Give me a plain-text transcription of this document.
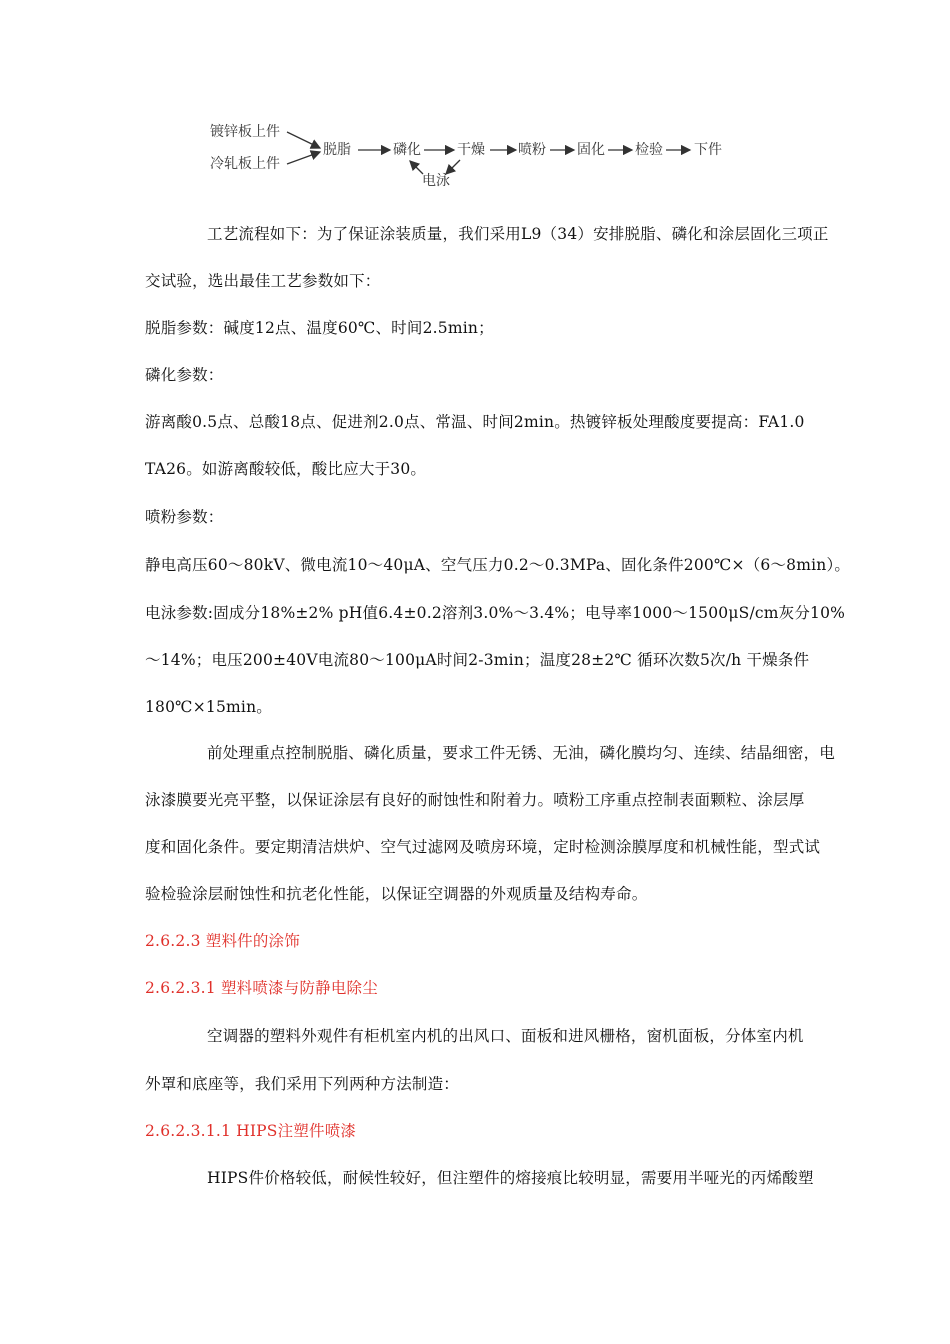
镀锌板上件
冷轧板上件
脱脂	磷化	干燥 喷粉 固化 检验 下件
电泳

工艺流程如下：为了保证涂装质量，我们采用L9（34）安排脱脂、磷化和涂层固化三项正

交试验，选出最佳工艺参数如下：

脱脂参数：碱度12点、温度60℃、时间2.5min；

磷化参数：

游离酸0.5点、总酸18点、促进剂2.0点、常温、时间2min。热镀锌板处理酸度要提高：FA1.0

TA26。如游离酸较低，酸比应大于30。

喷粉参数：

静电高压60～80kV、微电流10～40μA、空气压力0.2～0.3MPa、固化条件200℃×（6～8min）。

电泳参数:固成分18%±2% pH值6.4±0.2溶剂3.0%～3.4%；电导率1000～1500μS/cm灰分10%

～14%；电压200±40V电流80～100μA时间2-3min；温度28±2℃ 循环次数5次/h 干燥条件

180℃×15min。

前处理重点控制脱脂、磷化质量，要求工件无锈、无油，磷化膜均匀、连续、结晶细密，电

泳漆膜要光亮平整，以保证涂层有良好的耐蚀性和附着力。喷粉工序重点控制表面颗粒、涂层厚

度和固化条件。要定期清洁烘炉、空气过滤网及喷房环境，定时检测涂膜厚度和机械性能，型式试

验检验涂层耐蚀性和抗老化性能，以保证空调器的外观质量及结构寿命。

2.6.2.3 塑料件的涂饰

2.6.2.3.1 塑料喷漆与防静电除尘

空调器的塑料外观件有柜机室内机的出风口、面板和进风栅格，窗机面板，分体室内机

外罩和底座等，我们采用下列两种方法制造：

2.6.2.3.1.1 HIPS注塑件喷漆

HIPS件价格较低，耐候性较好，但注塑件的熔接痕比较明显，需要用半哑光的丙烯酸塑
